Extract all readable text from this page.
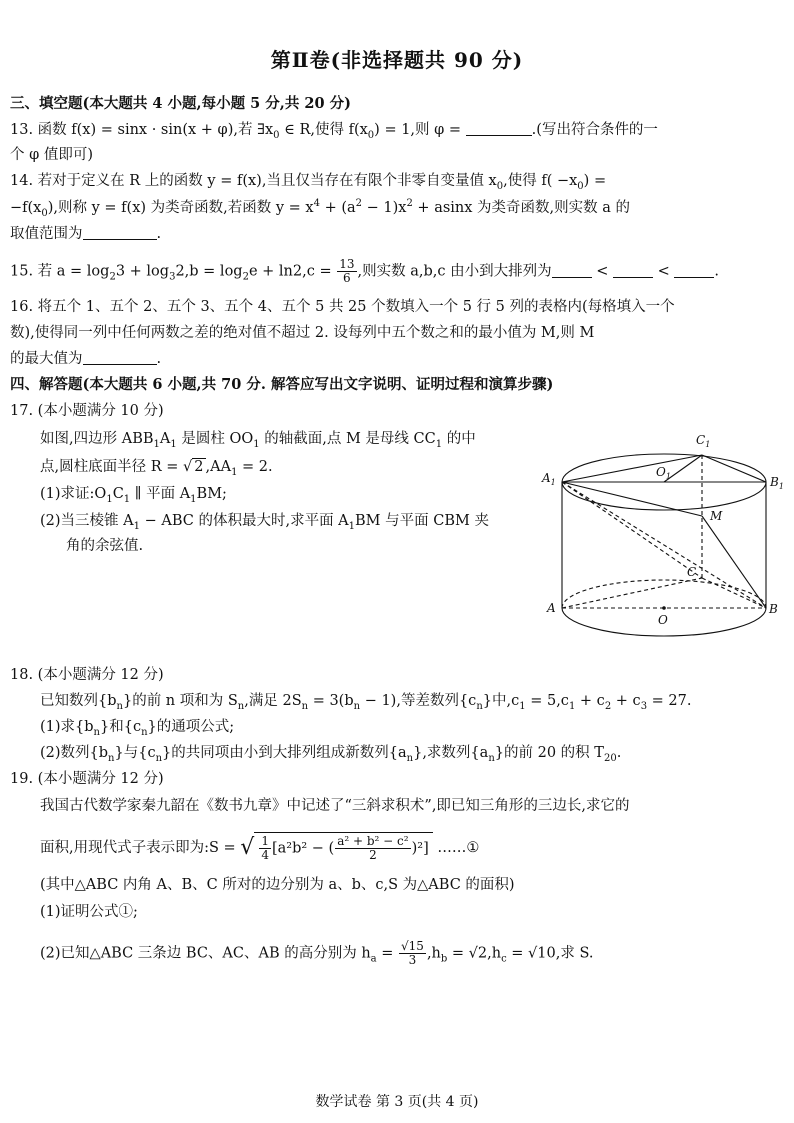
第Ⅱ卷(非选择题共 90 分)
三、填空题(本大题共 4 小题,每小题 5 分,共 20 分)
13. 函数 f(x) = sinx · sin(x + φ),若 $\exists x_0$ ∈ R,使得 $f(x_0) = 1$,则 φ =	.(写出符合条件的一
个 φ 值即可)
14. 若对于定义在 R 上的函数 y = f(x),当且仅当存在有限个非零自变量值 $x_0$,使得 $f( -x_0)$ =
$-f(x_0)$,则称 y = f(x) 为类奇函数,若函数 $y = x^4 + (a^2 - 1)x^2 + asinx$ 为类奇函数,则实数 a 的
取值范围为	.
15. 若 $a = \log_23 + \log_32,b = \log_2e + \ln 2,c = \frac{13}{6}$ ,则实数 a,b,c 由小到大排列为	<	<	.
16. 将五个 1、五个 2、五个 3、五个 4、五个 5 共 25 个数填入一个 5 行 5 列的表格内(每格填入一个
数),使得同一列中任何两数之差的绝对值不超过 2. 设每列中五个数之和的最小值为 M,则 M
的最大值为	.
四、解答题(本大题共 6 小题,共 70 分. 解答应写出文字说明、证明过程和演算步骤)
17. (本小题满分 10 分)
如图,四边形 $ABB_1A_1$ 是圆柱 $OO_1$ 的轴截面,点 M 是母线 $CC_1$ 的中
点,圆柱底面半径 R = √ 2 $,AA_1 = 2$.
(1)求证$:O_1C_1$ ∥ 平面 $A_1BM$;
(2)当三棱锥 $A_1$ − ABC 的体积最大时,求平面 $A_1BM$ 与平面 CBM 夹
角的余弦值.
$C_1$
$O_1$
$A_1$	$B_1$
M
C
A	B
O
18. (本小题满分 12 分)
已知数列$\{b_n\}$的前 n 项和为 $S_n$,满足 $2S_n = 3(b_n - 1)$,等差数列$\{c_n\}$中$,c_1 = 5,c_1 + c_2 + c_3 = 27$.
(1)求$\{b_n\}$和$\{c_n\}$的通项公式;
(2)数列$\{b_n\}$与$\{c_n\}$的共同项由小到大排列组成新数列$\{a_n\}$,求数列$\{a_n\}$的前 20 的积 $T_{20}$.
19. (本小题满分 12 分)
我国古代数学家秦九韶在《数书九章》中记述了“三斜求积术”,即已知三角形的三边长,求它的
面积,用现代式子表示即为:S = √ $\frac{1}{4} [a^2b^2$ − ( $\frac{\text{a² + b² − c²}}{2} )^2$] ……①
(其中△ABC 内角 A、B、C 所对的边分别为 a、b、c,S 为△ABC 的面积)
(1)证明公式①;
(2)已知△ABC 三条边 BC、AC、AB 的高分别为 $h_a = \frac{√15}{3} ,h_b = √2,h_c = √10$,求 S.
数学试卷 第 3 页(共 4 页)
